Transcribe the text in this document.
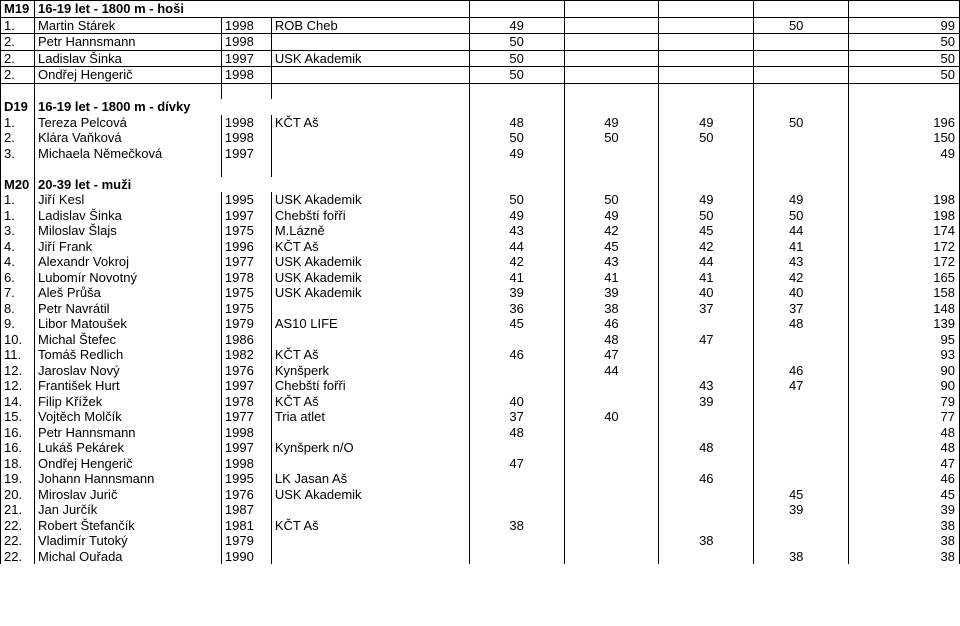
M19	16-19 let - 1800 m - hoši							
1.	Martin Stárek	1998	ROB Cheb	49			50	99
2.	Petr Hannsmann	1998		50				50
2.	Ladislav Šinka	1997	USK Akademik	50				50
2.	Ondřej Hengerič	1998		50				50

D19	16-19 let - 1800 m - dívky							
1.	Tereza Pelcová	1998	KČT Aš	48	49	49	50	196
2.	Klára Vaňková	1998		50	50	50		150
3.	Michaela Němečková	1997		49				49

M20	20-39 let - muži							
1.	Jiří Kesl	1995	USK Akademik	50	50	49	49	198
1.	Ladislav Šinka	1997	Chebští fořři	49	49	50	50	198
3.	Miloslav Šlajs	1975	M.Lázně	43	42	45	44	174
4.	Jiří Frank	1996	KČT Aš	44	45	42	41	172
4.	Alexandr Vokroj	1977	USK Akademik	42	43	44	43	172
6.	Lubomír Novotný	1978	USK Akademik	41	41	41	42	165
7.	Aleš Průša	1975	USK Akademik	39	39	40	40	158
8.	Petr Navrátil	1975		36	38	37	37	148
9.	Libor Matoušek	1979	AS10 LIFE	45	46		48	139
10.	Michal Štefec	1986			48	47		95
11.	Tomáš Redlich	1982	KČT Aš	46	47			93
12.	Jaroslav Nový	1976	Kynšperk		44		46	90
12.	František Hurt	1997	Chebští fořři			43	47	90
14.	Filip Křížek	1978	KČT Aš	40		39		79
15.	Vojtěch Molčík	1977	Tria atlet	37	40			77
16.	Petr Hannsmann	1998		48				48
16.	Lukáš Pekárek	1997	Kynšperk n/O			48		48
18.	Ondřej Hengerič	1998		47				47
19.	Johann Hannsmann	1995	LK Jasan Aš			46		46
20.	Miroslav Jurič	1976	USK Akademik				45	45
21.	Jan Jurčík	1987					39	39
22.	Robert Štefančík	1981	KČT Aš	38				38
22.	Vladimír Tutoký	1979				38		38
22.	Michal Ouřada	1990					38	38
